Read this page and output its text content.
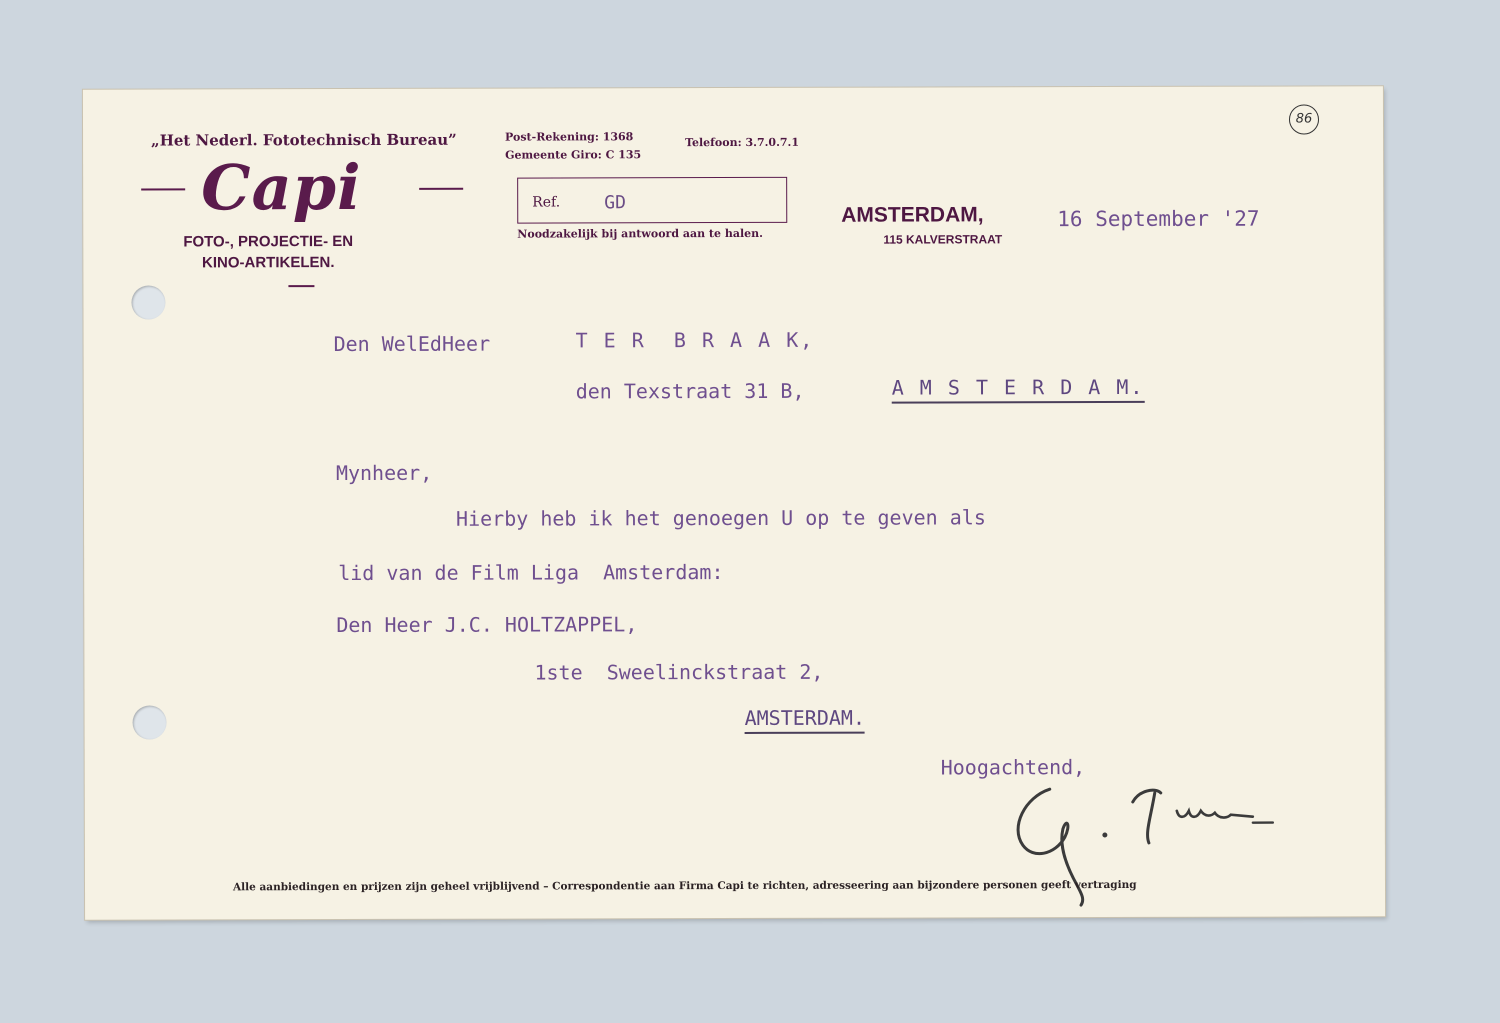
„Het Nederl. Fototechnisch Bureau”
Capi
FOTO-, PROJECTIE- EN
KINO-ARTIKELEN.
Post-Rekening: 1368
Gemeente Giro: C 135
Telefoon: 3.7.0.7.1
Ref. GD
Noodzakelijk bij antwoord aan te halen.
AMSTERDAM,
115 KALVERSTRAAT
86
16 September '27
Den WelEdHeer	T E R  B R A A K,
den Texstraat 31 B,	A M S T E R D A M.
Mynheer,
Hierby heb ik het genoegen U op te geven als
lid van de Film Liga  Amsterdam:
Den Heer J.C. HOLTZAPPEL,
1ste  Sweelinckstraat 2,
AMSTERDAM.
Hoogachtend,
Alle aanbiedingen en prijzen zijn geheel vrijblijvend – Correspondentie aan Firma Capi te richten, adresseering aan bijzondere personen geeft vertraging
